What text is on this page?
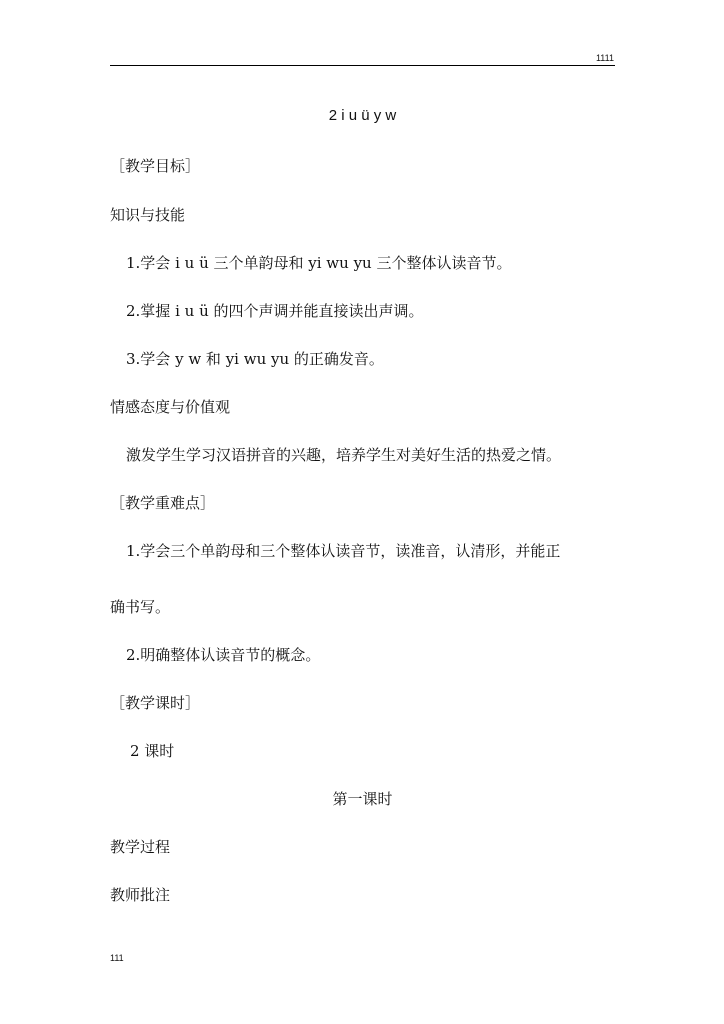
1111
2 i u ü y w
［教学目标］
知识与技能
1.学会 i u ü 三个单韵母和 yi wu yu 三个整体认读音节。
2.掌握 i u ü 的四个声调并能直接读出声调。
3.学会 y w 和 yi wu yu 的正确发音。
情感态度与价值观
激发学生学习汉语拼音的兴趣，培养学生对美好生活的热爱之情。
［教学重难点］
1.学会三个单韵母和三个整体认读音节，读准音，认清形，并能正
确书写。
2.明确整体认读音节的概念。
［教学课时］
2 课时
第一课时
教学过程
教师批注
111
